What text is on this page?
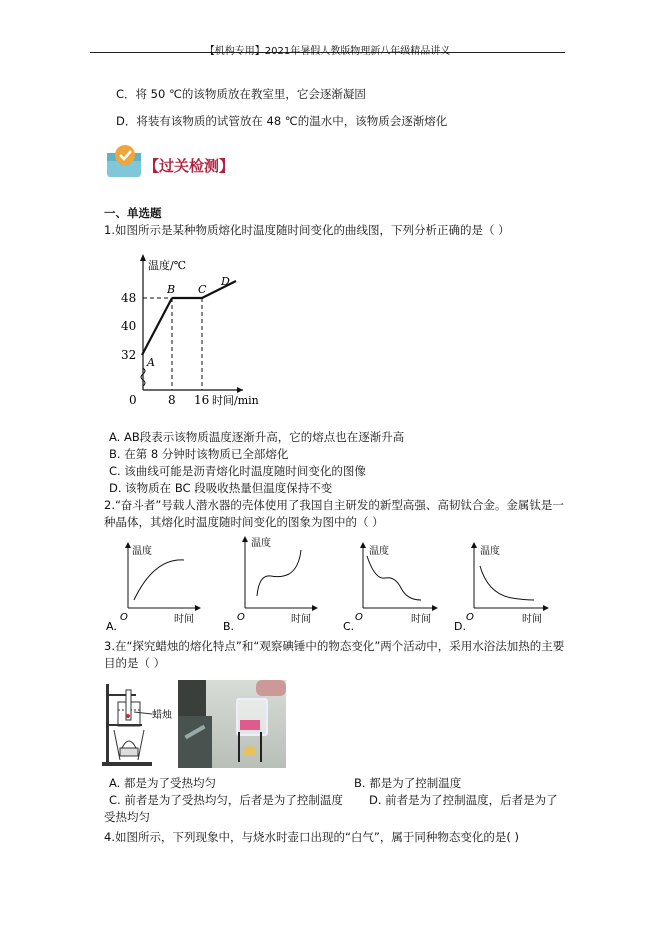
【机构专用】2021年暑假人教版物理新八年级精品讲义
C．将 50 ℃的该物质放在教室里，它会逐渐凝固
D．将装有该物质的试管放在 48 ℃的温水中，该物质会逐渐熔化
【过关检测】
一、单选题
1.如图所示是某种物质熔化时温度随时间变化的曲线图，下列分析正确的是（ ）
温度/℃
48
40
32
0	8 16 时间/min
A
B C
D
A. AB段表示该物质温度逐渐升高，它的熔点也在逐渐升高
B. 在第 8 分钟时该物质已全部熔化
C. 该曲线可能是沥青熔化时温度随时间变化的图像
D. 该物质在 BC 段吸收热量但温度保持不变
2.“奋斗者”号载人潜水器的壳体使用了我国自主研发的新型高强、高韧钛合金。金属钛是一
种晶体，其熔化时温度随时间变化的图象为图中的（ ）
温度
时间
O
A.
温度
时间
O
B.
温度
时间
O
C.
温度
时间
O
D.
3.在“探究蜡烛的熔化特点”和“观察碘锤中的物态变化”两个活动中，采用水浴法加热的主要
目的是（ ）
蜡烛
A. 都是为了受热均匀	B. 都是为了控制温度
C. 前者是为了受热均匀，后者是为了控制温度 D. 前者是为了控制温度，后者是为了
受热均匀
4.如图所示，下列现象中，与烧水时壶口出现的“白气”，属于同种物态变化的是( )
